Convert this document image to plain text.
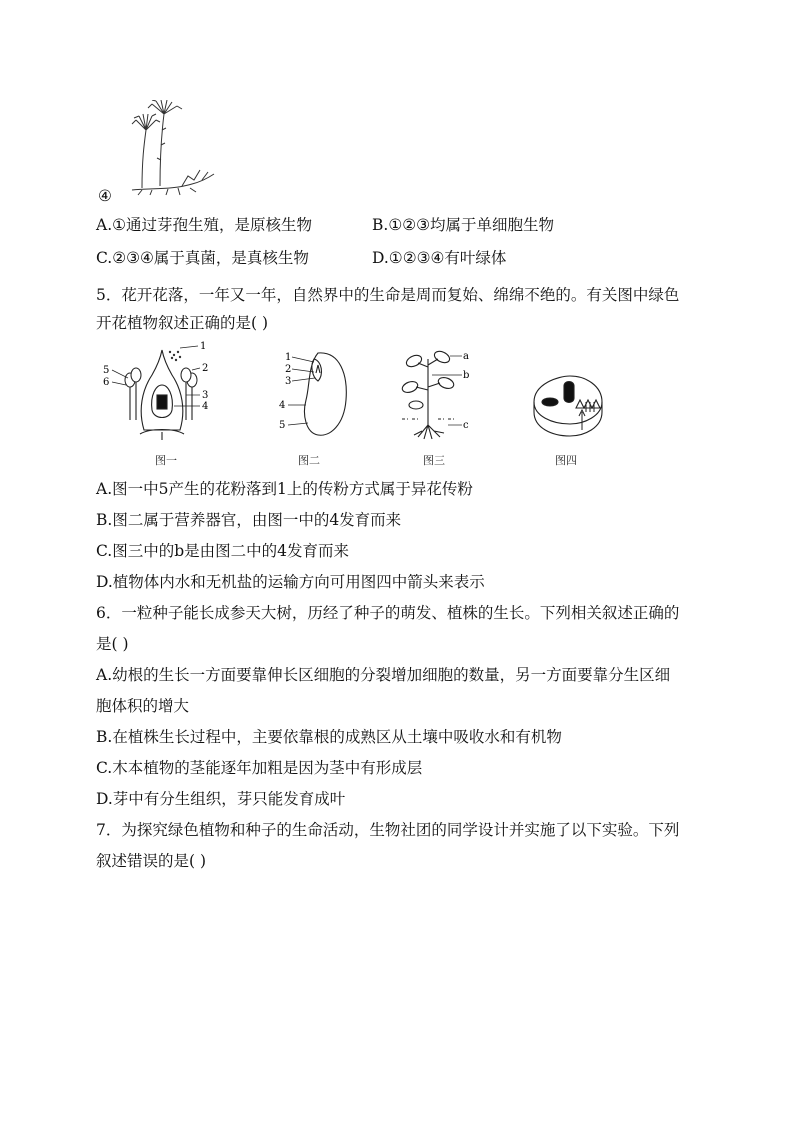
④
A.①通过芽孢生殖，是原核生物	B.①②③均属于单细胞生物
C.②③④属于真菌，是真核生物	D.①②③④有叶绿体
5．花开花落，一年又一年，自然界中的生命是周而复始、绵绵不绝的。有关图中绿色
开花植物叙述正确的是( )
1
2
3
4
5
6
图一
1
2
3
4
5
图二
a
b
c
图三	图四
A.图一中5产生的花粉落到1上的传粉方式属于异花传粉
B.图二属于营养器官，由图一中的4发育而来
C.图三中的b是由图二中的4发育而来
D.植物体内水和无机盐的运输方向可用图四中箭头来表示
6．一粒种子能长成参天大树，历经了种子的萌发、植株的生长。下列相关叙述正确的
是( )
A.幼根的生长一方面要靠伸长区细胞的分裂增加细胞的数量，另一方面要靠分生区细
胞体积的增大
B.在植株生长过程中，主要依靠根的成熟区从土壤中吸收水和有机物
C.木本植物的茎能逐年加粗是因为茎中有形成层
D.芽中有分生组织，芽只能发育成叶
7．为探究绿色植物和种子的生命活动，生物社团的同学设计并实施了以下实验。下列
叙述错误的是( )
